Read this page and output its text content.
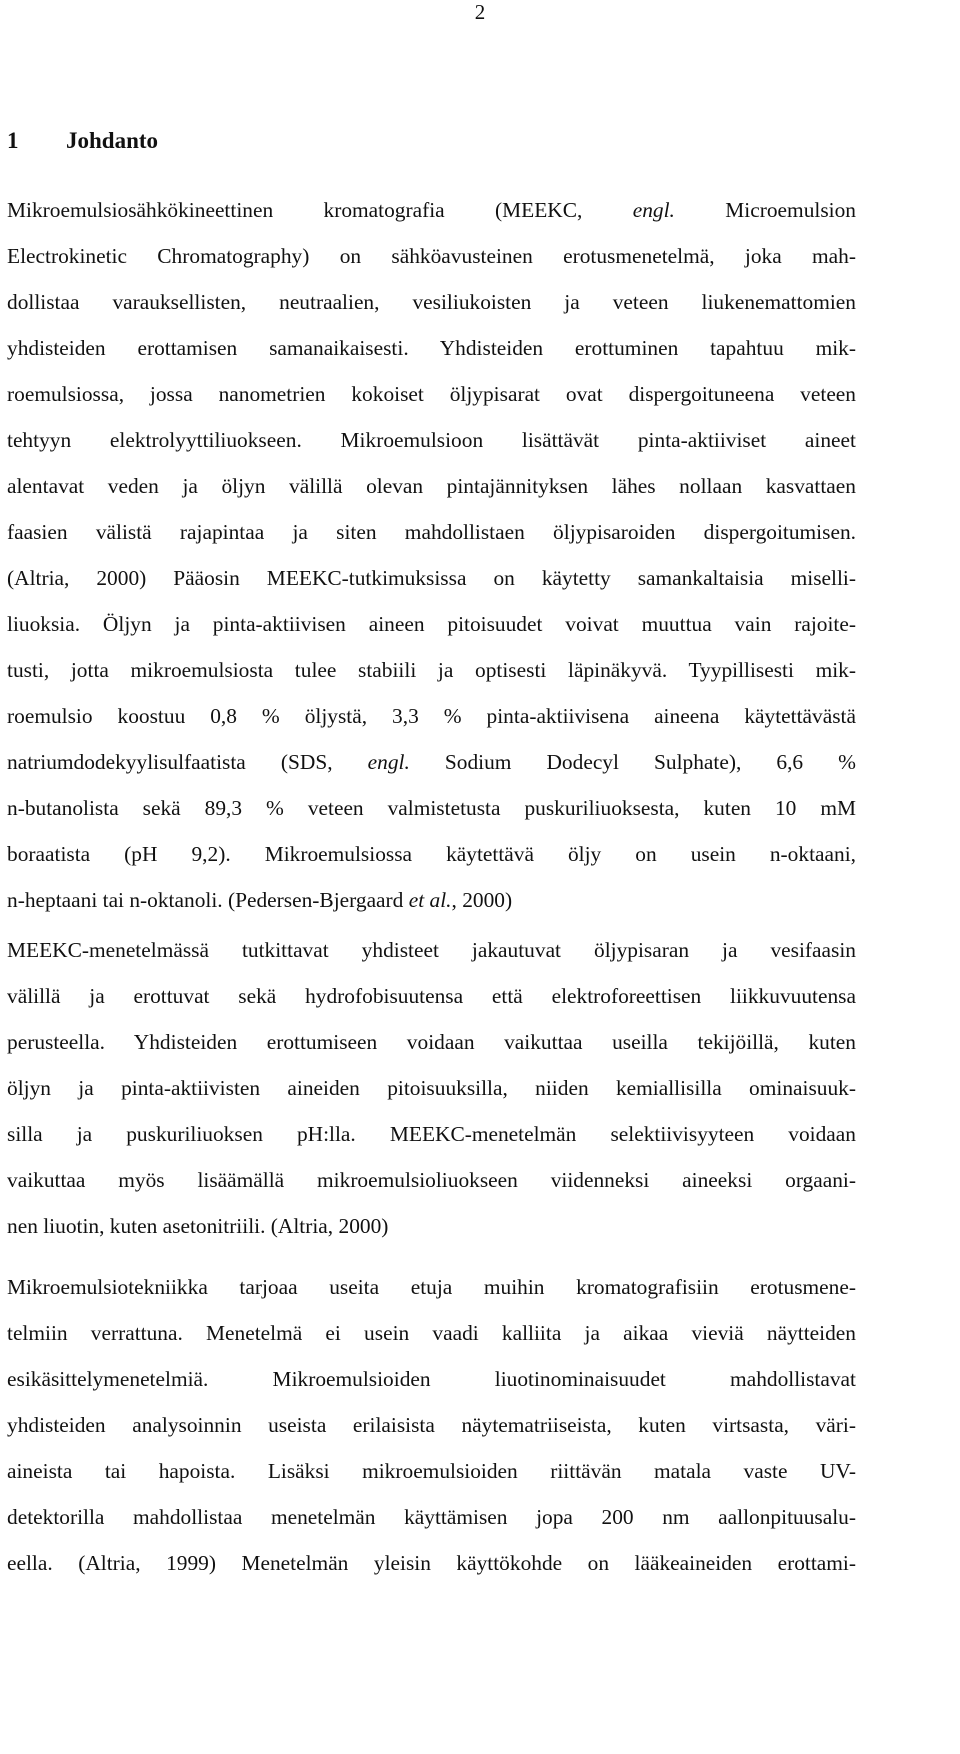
2
1 Johdanto
Mikroemulsiosähkökineettinen kromatografia (MEEKC, engl. Microemulsion
Electrokinetic Chromatography) on sähköavusteinen erotusmenetelmä, joka mah-
dollistaa varauksellisten, neutraalien, vesiliukoisten ja veteen liukenemattomien
yhdisteiden erottamisen samanaikaisesti. Yhdisteiden erottuminen tapahtuu mik-
roemulsiossa, jossa nanometrien kokoiset öljypisarat ovat dispergoituneena veteen
tehtyyn elektrolyyttiliuokseen. Mikroemulsioon lisättävät pinta-aktiiviset aineet
alentavat veden ja öljyn välillä olevan pintajännityksen lähes nollaan kasvattaen
faasien välistä rajapintaa ja siten mahdollistaen öljypisaroiden dispergoitumisen.
(Altria, 2000) Pääosin MEEKC-tutkimuksissa on käytetty samankaltaisia miselli-
liuoksia. Öljyn ja pinta-aktiivisen aineen pitoisuudet voivat muuttua vain rajoite-
tusti, jotta mikroemulsiosta tulee stabiili ja optisesti läpinäkyvä. Tyypillisesti mik-
roemulsio koostuu 0,8 % öljystä, 3,3 % pinta-aktiivisena aineena käytettävästä
natriumdodekyylisulfaatista (SDS, engl. Sodium Dodecyl Sulphate), 6,6 %
n-butanolista sekä 89,3 % veteen valmistetusta puskuriliuoksesta, kuten 10 mM
boraatista (pH 9,2). Mikroemulsiossa käytettävä öljy on usein n-oktaani,
n-heptaani tai n-oktanoli. (Pedersen-Bjergaard et al., 2000)
MEEKC-menetelmässä tutkittavat yhdisteet jakautuvat öljypisaran ja vesifaasin
välillä ja erottuvat sekä hydrofobisuutensa että elektroforeettisen liikkuvuutensa
perusteella. Yhdisteiden erottumiseen voidaan vaikuttaa useilla tekijöillä, kuten
öljyn ja pinta-aktiivisten aineiden pitoisuuksilla, niiden kemiallisilla ominaisuuk-
silla ja puskuriliuoksen pH:lla. MEEKC-menetelmän selektiivisyyteen voidaan
vaikuttaa myös lisäämällä mikroemulsioliuokseen viidenneksi aineeksi orgaani-
nen liuotin, kuten asetonitriili. (Altria, 2000)
Mikroemulsiotekniikka tarjoaa useita etuja muihin kromatografisiin erotusmene-
telmiin verrattuna. Menetelmä ei usein vaadi kalliita ja aikaa vieviä näytteiden
esikäsittelymenetelmiä. Mikroemulsioiden liuotinominaisuudet mahdollistavat
yhdisteiden analysoinnin useista erilaisista näytematriiseista, kuten virtsasta, väri-
aineista tai hapoista. Lisäksi mikroemulsioiden riittävän matala vaste UV-
detektorilla mahdollistaa menetelmän käyttämisen jopa 200 nm aallonpituusalu-
eella. (Altria, 1999) Menetelmän yleisin käyttökohde on lääkeaineiden erottami-
